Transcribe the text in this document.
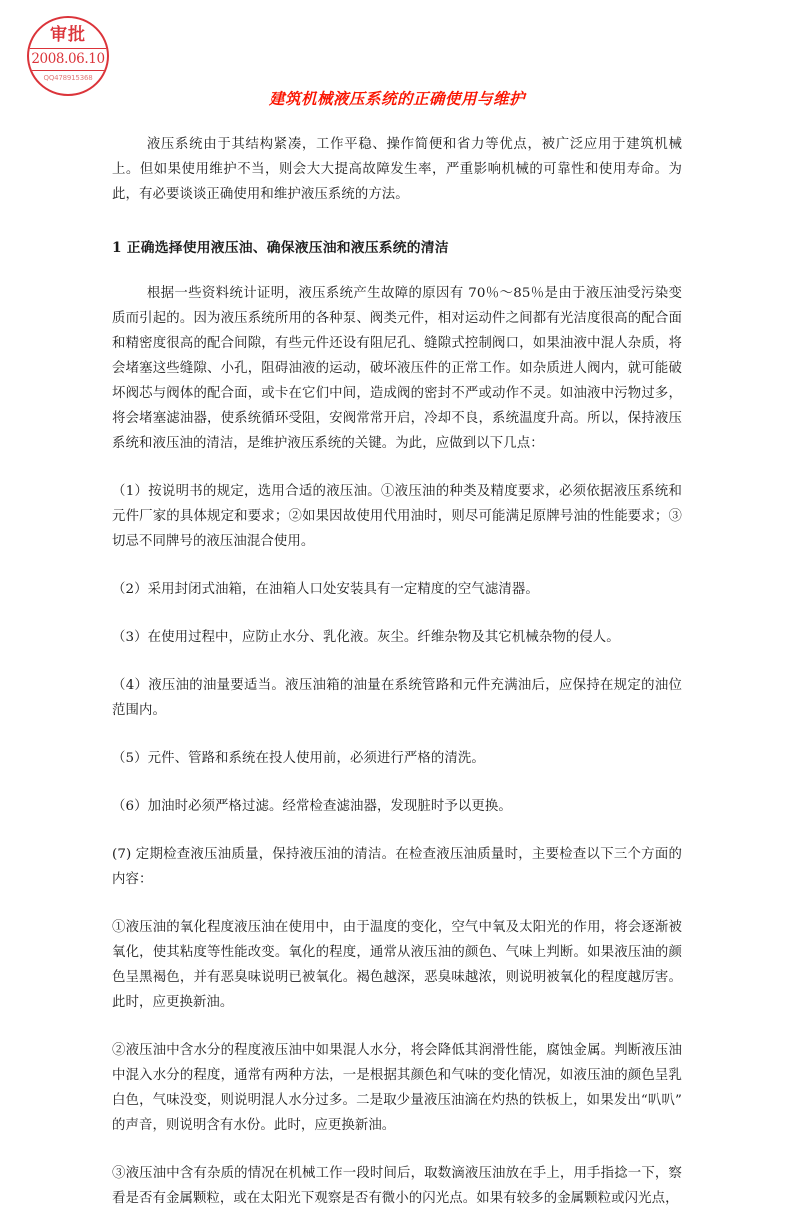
审批
2008.06.10
QQ478915368
建筑机械液压系统的正确使用与维护

液压系统由于其结构紧凑，工作平稳、操作简便和省力等优点，被广泛应用于建筑机械上。但如果使用维护不当，则会大大提高故障发生率，严重影响机械的可靠性和使用寿命。为此，有必要谈谈正确使用和维护液压系统的方法。

1 正确选择使用液压油、确保液压油和液压系统的清洁

根据一些资料统计证明，液压系统产生故障的原因有 70％～85％是由于液压油受污染变质而引起的。因为液压系统所用的各种泵、阀类元件，相对运动件之间都有光洁度很高的配合面和精密度很高的配合间隙，有些元件还设有阻尼孔、缝隙式控制阀口，如果油液中混人杂质，将会堵塞这些缝隙、小孔，阻碍油液的运动，破坏液压件的正常工作。如杂质进人阀内，就可能破坏阀芯与阀体的配合面，或卡在它们中间，造成阀的密封不严或动作不灵。如油液中污物过多，将会堵塞滤油器，使系统循环受阻，安阀常常开启，冷却不良，系统温度升高。所以，保持液压系统和液压油的清洁，是维护液压系统的关键。为此，应做到以下几点：

（1）按说明书的规定，选用合适的液压油。①液压油的种类及精度要求，必须依据液压系统和元件厂家的具体规定和要求；②如果因故使用代用油时，则尽可能满足原牌号油的性能要求；③切忌不同牌号的液压油混合使用。

（2）采用封闭式油箱，在油箱人口处安装具有一定精度的空气滤清器。

（3）在使用过程中，应防止水分、乳化液。灰尘。纤维杂物及其它机械杂物的侵人。

（4）液压油的油量要适当。液压油箱的油量在系统管路和元件充满油后，应保持在规定的油位范围内。

（5）元件、管路和系统在投人使用前，必须进行严格的清洗。

（6）加油时必须严格过滤。经常检查滤油器，发现脏时予以更换。

(7) 定期检查液压油质量，保持液压油的清洁。在检查液压油质量时，主要检查以下三个方面的内容：

①液压油的氧化程度液压油在使用中，由于温度的变化，空气中氧及太阳光的作用，将会逐渐被氧化，使其粘度等性能改变。氧化的程度，通常从液压油的颜色、气味上判断。如果液压油的颜色呈黑褐色，并有恶臭味说明已被氧化。褐色越深，恶臭味越浓，则说明被氧化的程度越厉害。此时，应更换新油。

②液压油中含水分的程度液压油中如果混人水分，将会降低其润滑性能，腐蚀金属。判断液压油中混入水分的程度，通常有两种方法，一是根据其颜色和气味的变化情况，如液压油的颜色呈乳白色，气味没变，则说明混人水分过多。二是取少量液压油滴在灼热的铁板上，如果发出“叭叭”的声音，则说明含有水份。此时，应更换新油。

③液压油中含有杂质的情况在机械工作一段时间后，取数滴液压油放在手上，用手指捻一下，察看是否有金属颗粒，或在太阳光下观察是否有微小的闪光点。如果有较多的金属颗粒或闪光点，
